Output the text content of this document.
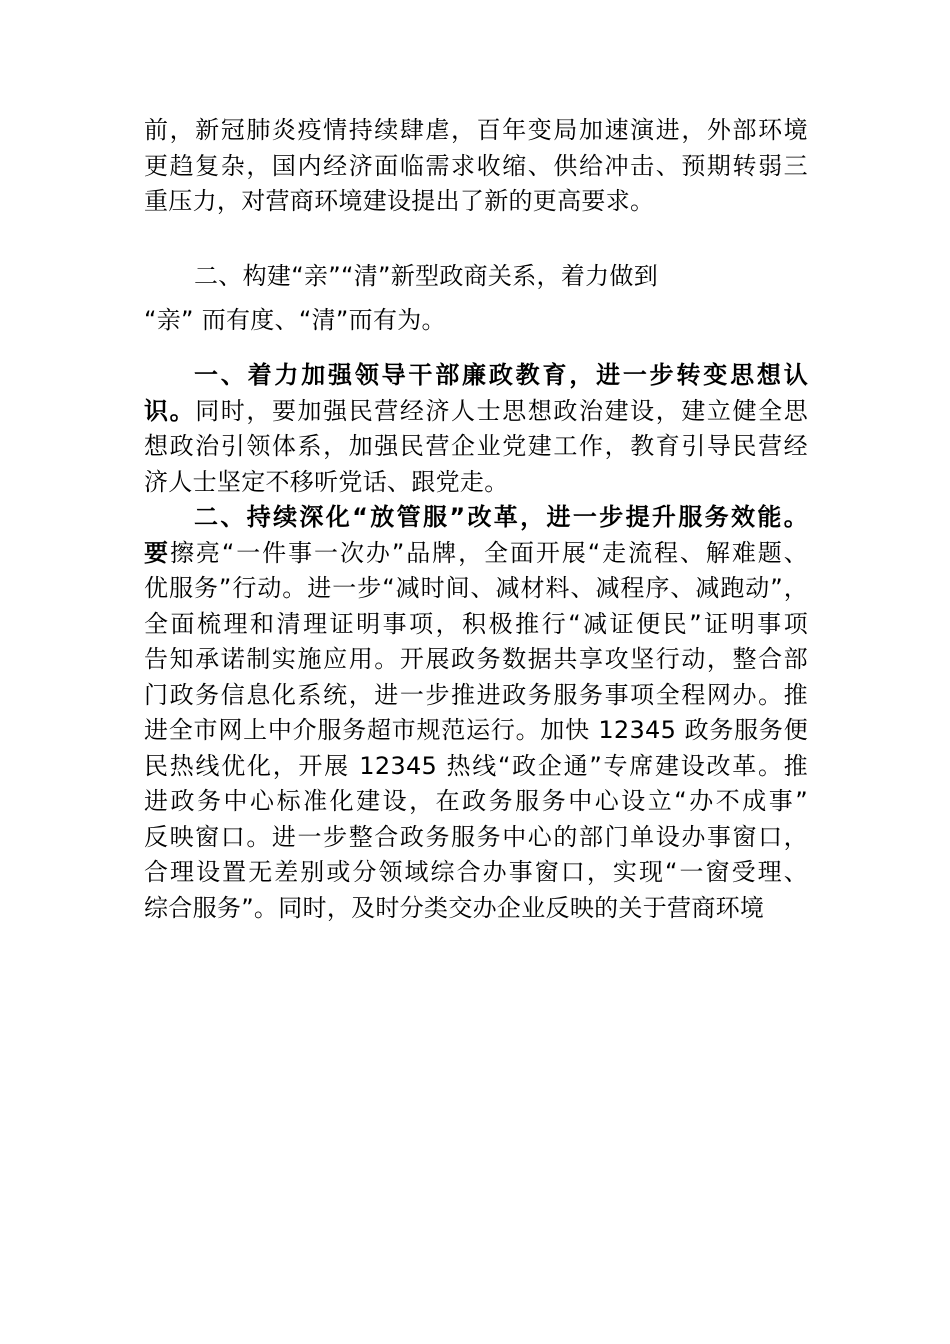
前，新冠肺炎疫情持续肆虐，百年变局加速演进，外部环境
更趋复杂，国内经济面临需求收缩、供给冲击、预期转弱三
重压力，对营商环境建设提出了新的更高要求。
二、构建“亲”“清”新型政商关系，着力做到
“亲” 而有度、“清”而有为。
一、着力加强领导干部廉政教育，进一步转变思想认
识。同时，要加强民营经济人士思想政治建设，建立健全思
想政治引领体系，加强民营企业党建工作，教育引导民营经
济人士坚定不移听党话、跟党走。
二、持续深化“放管服”改革，进一步提升服务效能。
要擦亮“一件事一次办”品牌，全面开展“走流程、解难题、
优服务”行动。进一步“减时间、减材料、减程序、减跑动”，
全面梳理和清理证明事项，积极推行“减证便民”证明事项
告知承诺制实施应用。开展政务数据共享攻坚行动，整合部
门政务信息化系统，进一步推进政务服务事项全程网办。推
进全市网上中介服务超市规范运行。加快 12345 政务服务便
民热线优化，开展 12345 热线“政企通”专席建设改革。推
进政务中心标准化建设，在政务服务中心设立“办不成事”
反映窗口。进一步整合政务服务中心的部门单设办事窗口，
合理设置无差别或分领域综合办事窗口，实现“一窗受理、
综合服务”。同时，及时分类交办企业反映的关于营商环境
